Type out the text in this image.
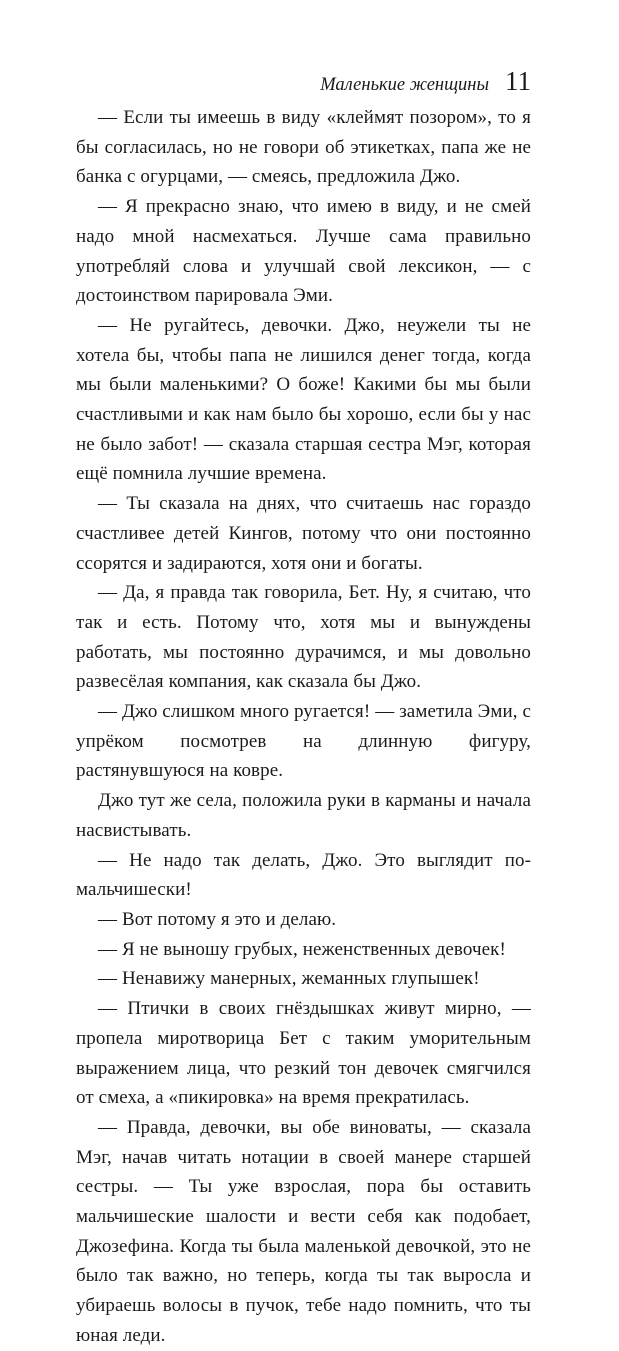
Маленькие женщины 11

— Если ты имеешь в виду «клеймят позором», то я бы согласилась, но не говори об этикетках, папа же не банка с огурцами, — смеясь, предложила Джо.

— Я прекрасно знаю, что имею в виду, и не смей надо мной насмехаться. Лучше сама правильно употребляй слова и улучшай свой лексикон, — с достоинством парировала Эми.

— Не ругайтесь, девочки. Джо, неужели ты не хотела бы, чтобы папа не лишился денег тогда, когда мы были маленькими? О боже! Какими бы мы были счастливыми и как нам было бы хорошо, если бы у нас не было забот! — сказала старшая сестра Мэг, которая ещё помнила лучшие времена.

— Ты сказала на днях, что считаешь нас гораздо счастливее детей Кингов, потому что они постоянно ссорятся и задираются, хотя они и богаты.

— Да, я правда так говорила, Бет. Ну, я считаю, что так и есть. Потому что, хотя мы и вынуждены работать, мы постоянно дурачимся, и мы довольно развесёлая компания, как сказала бы Джо.

— Джо слишком много ругается! — заметила Эми, с упрёком посмотрев на длинную фигуру, растянувшуюся на ковре.

Джо тут же села, положила руки в карманы и начала насвистывать.

— Не надо так делать, Джо. Это выглядит по-мальчишески!

— Вот потому я это и делаю.

— Я не выношу грубых, неженственных девочек!

— Ненавижу манерных, жеманных глупышек!

— Птички в своих гнёздышках живут мирно, — пропела миротворица Бет с таким уморительным выражением лица, что резкий тон девочек смягчился от смеха, а «пикировка» на время прекратилась.

— Правда, девочки, вы обе виноваты, — сказала Мэг, начав читать нотации в своей манере старшей сестры. — Ты уже взрослая, пора бы оставить мальчишеские шалости и вести себя как подобает, Джозефина. Когда ты была маленькой девочкой, это не было так важно, но теперь, когда ты так выросла и убираешь волосы в пучок, тебе надо помнить, что ты юная леди.
